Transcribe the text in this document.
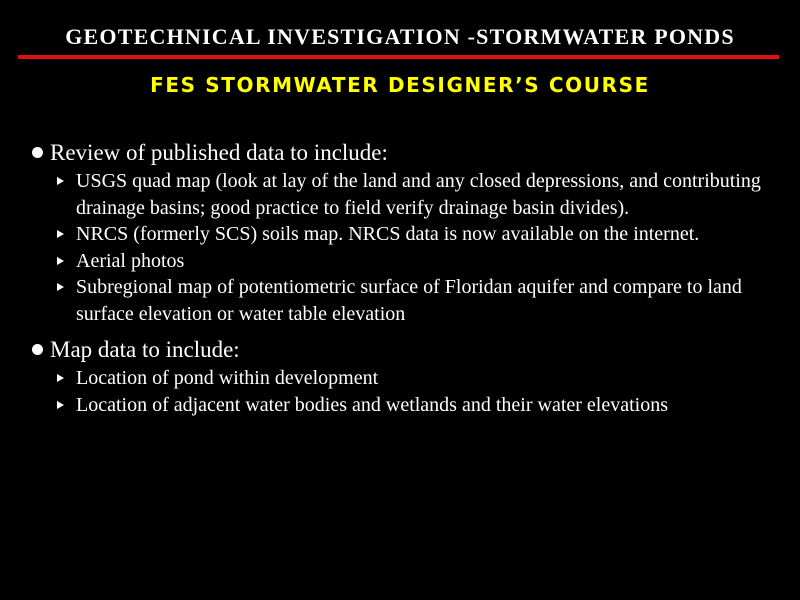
GEOTECHNICAL INVESTIGATION -STORMWATER PONDS
FES STORMWATER DESIGNER’S COURSE
Review of published data to include:
USGS quad map (look at lay of the land and any closed depressions, and contributing drainage basins; good practice to field verify drainage basin divides).
NRCS (formerly SCS) soils map. NRCS data is now available on the internet.
Aerial photos
Subregional map of potentiometric surface of Floridan aquifer and compare to land surface elevation or water table elevation
Map data to include:
Location of pond within development
Location of adjacent water bodies and wetlands and their water elevations
